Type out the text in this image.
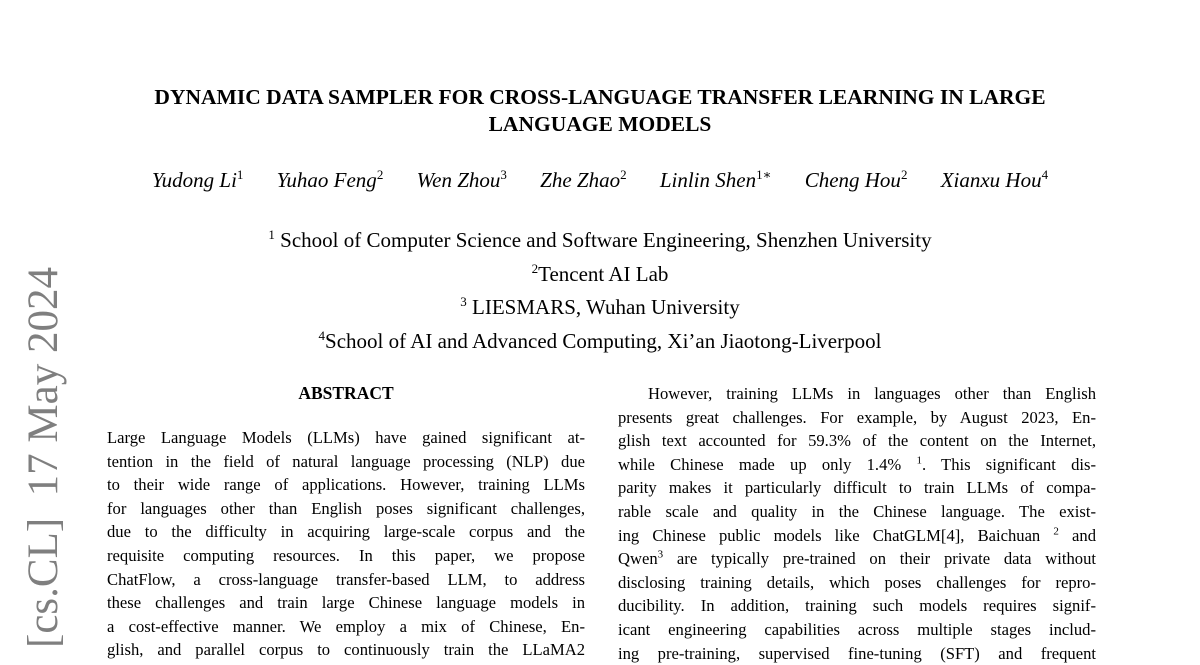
[cs.CL]  17 May 2024
DYNAMIC DATA SAMPLER FOR CROSS-LANGUAGE TRANSFER LEARNING IN LARGE
LANGUAGE MODELS
Yudong Li$^1$ Yuhao Feng$^2$ Wen Zhou$^3$ Zhe Zhao$^2$ Linlin Shen$^{1∗}$ Cheng Hou$^2$ Xianxu Hou$^4$
$^1$ School of Computer Science and Software Engineering, Shenzhen University
$^2$Tencent AI Lab
$^3$ LIESMARS, Wuhan University
$^4$School of AI and Advanced Computing, Xi’an Jiaotong-Liverpool
ABSTRACT
Large Language Models (LLMs) have gained significant at-
tention in the field of natural language processing (NLP) due
to their wide range of applications. However, training LLMs
for languages other than English poses significant challenges,
due to the difficulty in acquiring large-scale corpus and the
requisite computing resources. In this paper, we propose
ChatFlow, a cross-language transfer-based LLM, to address
these challenges and train large Chinese language models in
a cost-effective manner. We employ a mix of Chinese, En-
glish, and parallel corpus to continuously train the LLaMA2
However, training LLMs in languages other than English
presents great challenges. For example, by August 2023, En-
glish text accounted for 59.3% of the content on the Internet,
while Chinese made up only 1.4% $^1$. This significant dis-
parity makes it particularly difficult to train LLMs of compa-
rable scale and quality in the Chinese language. The exist-
ing Chinese public models like ChatGLM[4], Baichuan $^2$ and
Qwen$^3$ are typically pre-trained on their private data without
disclosing training details, which poses challenges for repro-
ducibility. In addition, training such models requires signif-
icant engineering capabilities across multiple stages includ-
ing pre-training, supervised fine-tuning (SFT) and frequent
